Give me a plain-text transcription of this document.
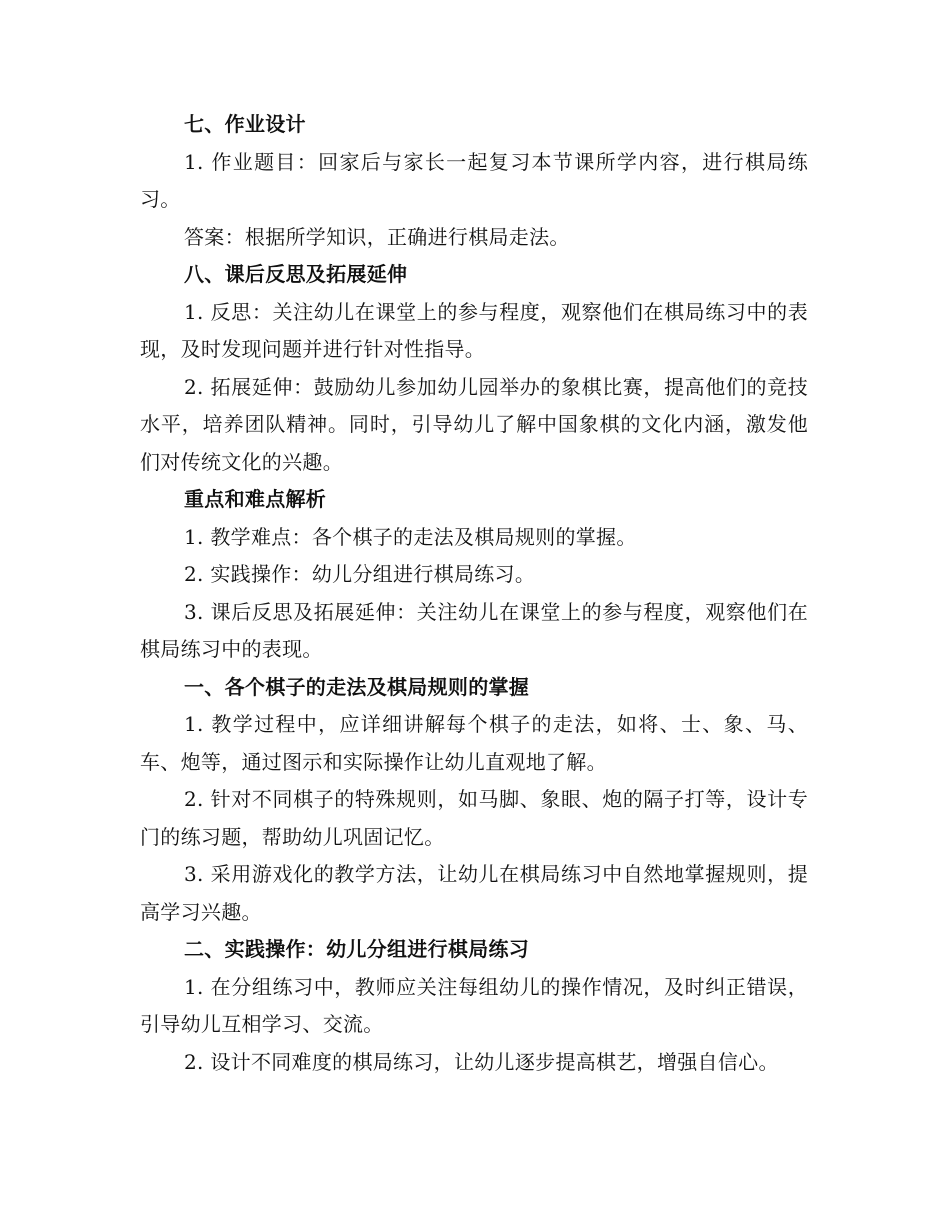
七、作业设计

1. 作业题目：回家后与家长一起复习本节课所学内容，进行棋局练习。

答案：根据所学知识，正确进行棋局走法。

八、课后反思及拓展延伸

1. 反思：关注幼儿在课堂上的参与程度，观察他们在棋局练习中的表现，及时发现问题并进行针对性指导。

2. 拓展延伸：鼓励幼儿参加幼儿园举办的象棋比赛，提高他们的竞技水平，培养团队精神。同时，引导幼儿了解中国象棋的文化内涵，激发他们对传统文化的兴趣。

重点和难点解析

1. 教学难点：各个棋子的走法及棋局规则的掌握。

2. 实践操作：幼儿分组进行棋局练习。

3. 课后反思及拓展延伸：关注幼儿在课堂上的参与程度，观察他们在棋局练习中的表现。

一、各个棋子的走法及棋局规则的掌握

1. 教学过程中，应详细讲解每个棋子的走法，如将、士、象、马、车、炮等，通过图示和实际操作让幼儿直观地了解。

2. 针对不同棋子的特殊规则，如马脚、象眼、炮的隔子打等，设计专门的练习题，帮助幼儿巩固记忆。

3. 采用游戏化的教学方法，让幼儿在棋局练习中自然地掌握规则，提高学习兴趣。

二、实践操作：幼儿分组进行棋局练习

1. 在分组练习中，教师应关注每组幼儿的操作情况，及时纠正错误，引导幼儿互相学习、交流。

2. 设计不同难度的棋局练习，让幼儿逐步提高棋艺，增强自信心。
